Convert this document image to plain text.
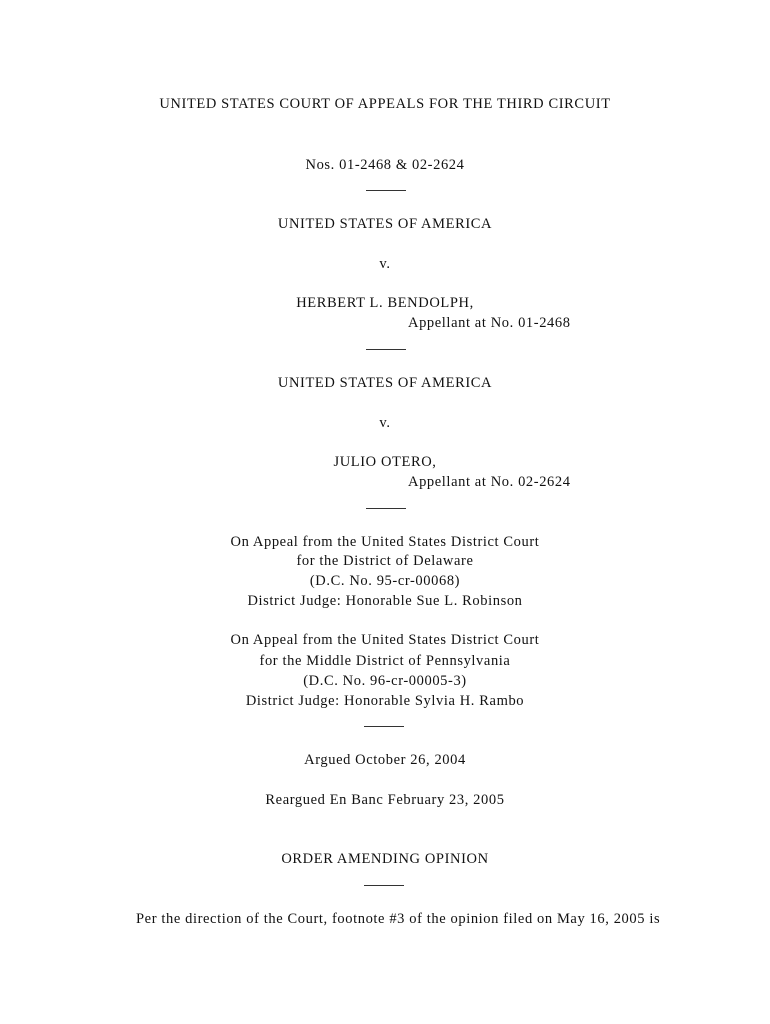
UNITED STATES COURT OF APPEALS FOR THE THIRD CIRCUIT
Nos. 01-2468 & 02-2624
UNITED STATES OF AMERICA
v.
HERBERT L. BENDOLPH,
Appellant at No. 01-2468
UNITED STATES OF AMERICA
v.
JULIO OTERO,
Appellant at No. 02-2624
On Appeal from the United States District Court
for the District of Delaware
(D.C. No. 95-cr-00068)
District Judge: Honorable Sue L. Robinson
On Appeal from the United States District Court
for the Middle District of Pennsylvania
(D.C. No. 96-cr-00005-3)
District Judge: Honorable Sylvia H. Rambo
Argued October 26, 2004
Reargued En Banc February 23, 2005
ORDER AMENDING OPINION
Per the direction of the Court, footnote #3 of the opinion filed on May 16, 2005 is
